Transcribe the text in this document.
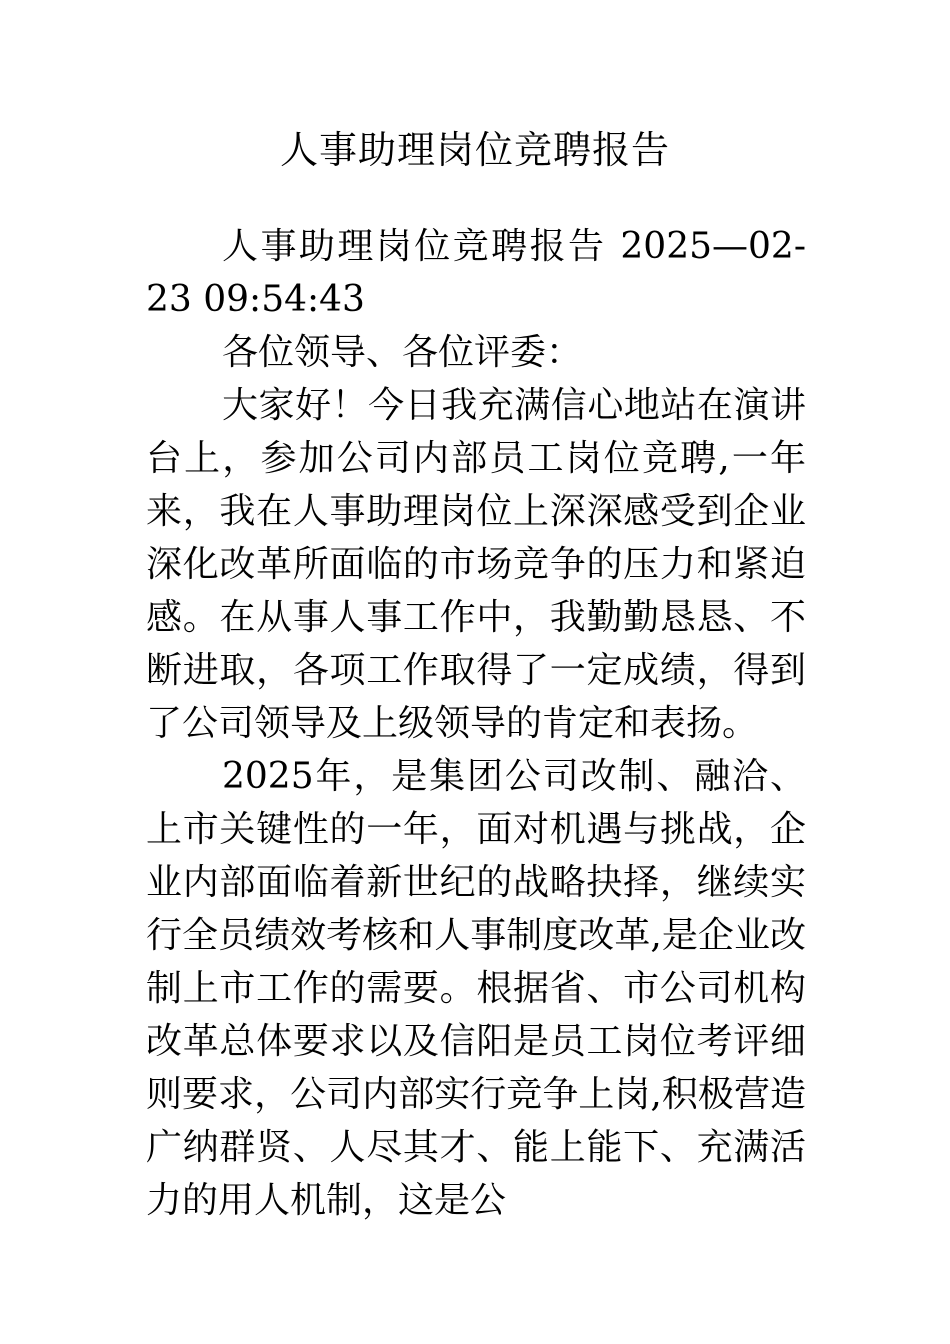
人事助理岗位竞聘报告

人事助理岗位竞聘报告 2025—02-23 09:54:43

各位领导、各位评委：

大家好！今日我充满信心地站在演讲台上，参加公司内部员工岗位竞聘,一年来，我在人事助理岗位上深深感受到企业深化改革所面临的市场竞争的压力和紧迫感。在从事人事工作中，我勤勤恳恳、不断进取，各项工作取得了一定成绩，得到了公司领导及上级领导的肯定和表扬。

2025年，是集团公司改制、融洽、上市关键性的一年，面对机遇与挑战，企业内部面临着新世纪的战略抉择，继续实行全员绩效考核和人事制度改革,是企业改制上市工作的需要。根据省、市公司机构改革总体要求以及信阳是员工岗位考评细则要求，公司内部实行竞争上岗,积极营造广纳群贤、人尽其才、能上能下、充满活力的用人机制，这是公
